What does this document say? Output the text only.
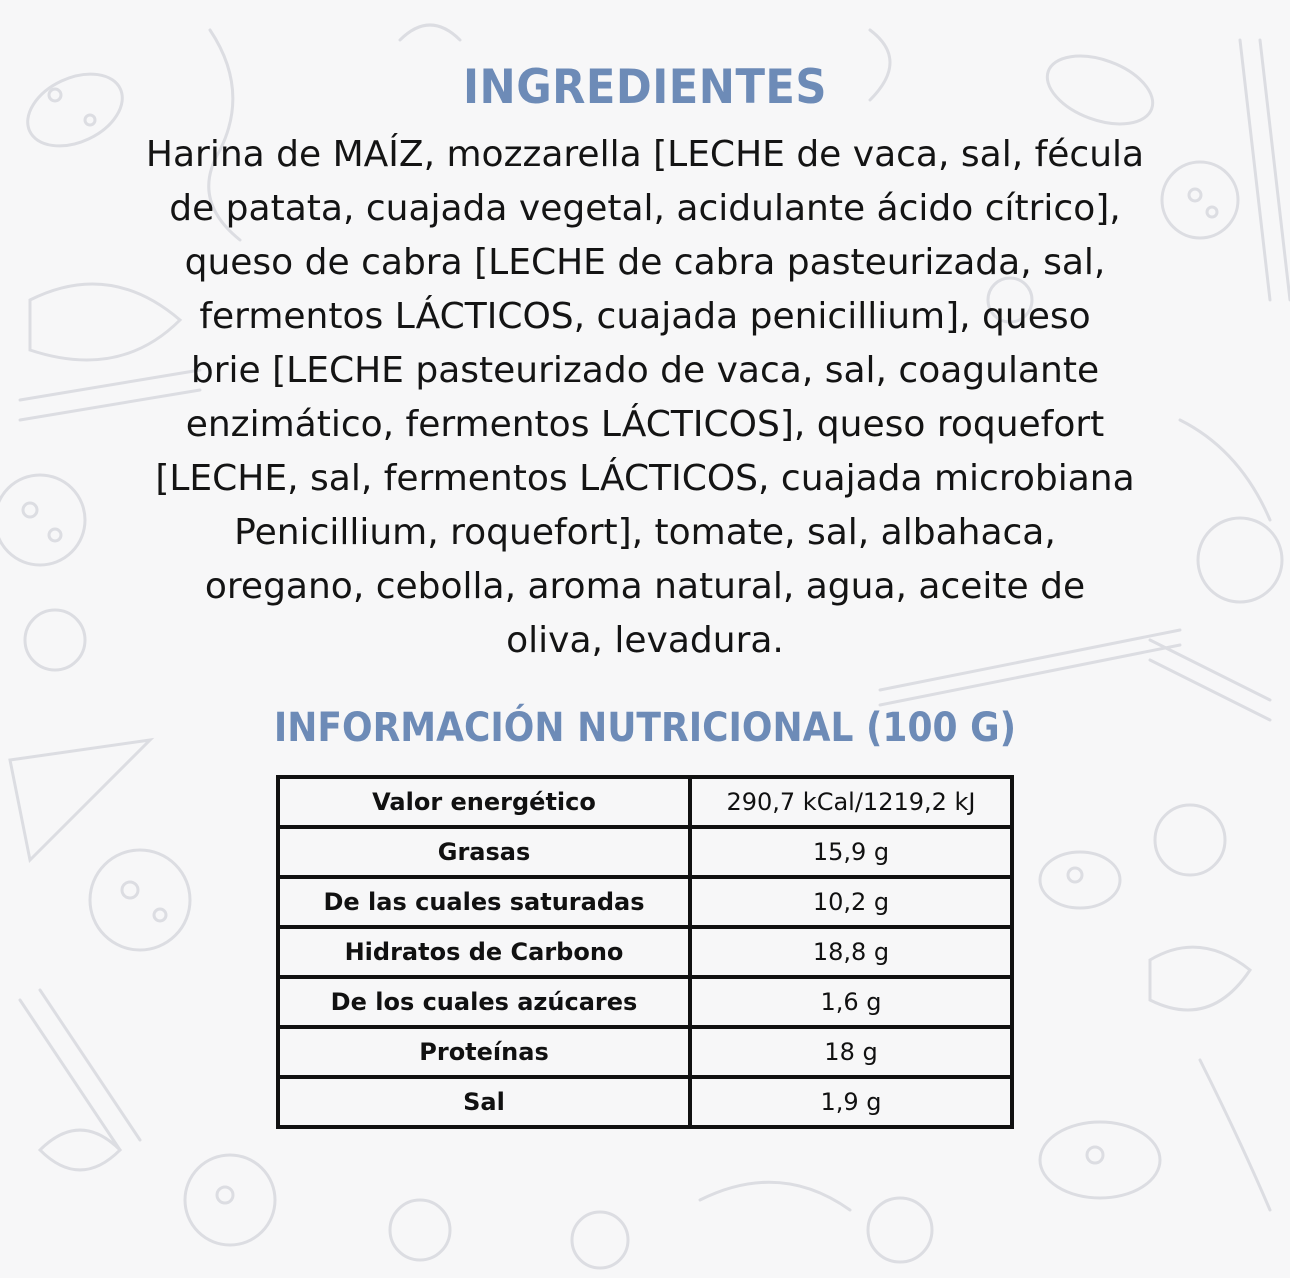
INGREDIENTES
Harina de MAÍZ, mozzarella [LECHE de vaca, sal, fécula
de patata, cuajada vegetal, acidulante ácido cítrico],
queso de cabra [LECHE de cabra pasteurizada, sal,
fermentos LÁCTICOS, cuajada penicillium], queso
brie [LECHE pasteurizado de vaca, sal, coagulante
enzimático, fermentos LÁCTICOS], queso roquefort
[LECHE, sal, fermentos LÁCTICOS, cuajada microbiana
Penicillium, roquefort], tomate, sal, albahaca,
oregano, cebolla, aroma natural, agua, aceite de
oliva, levadura.
INFORMACIÓN NUTRICIONAL (100 G)
Valor energético	290,7 kCal/1219,2 kJ
Grasas	15,9 g
De las cuales saturadas	10,2 g
Hidratos de Carbono	18,8 g
De los cuales azúcares	1,6 g
Proteínas	18 g
Sal	1,9 g
